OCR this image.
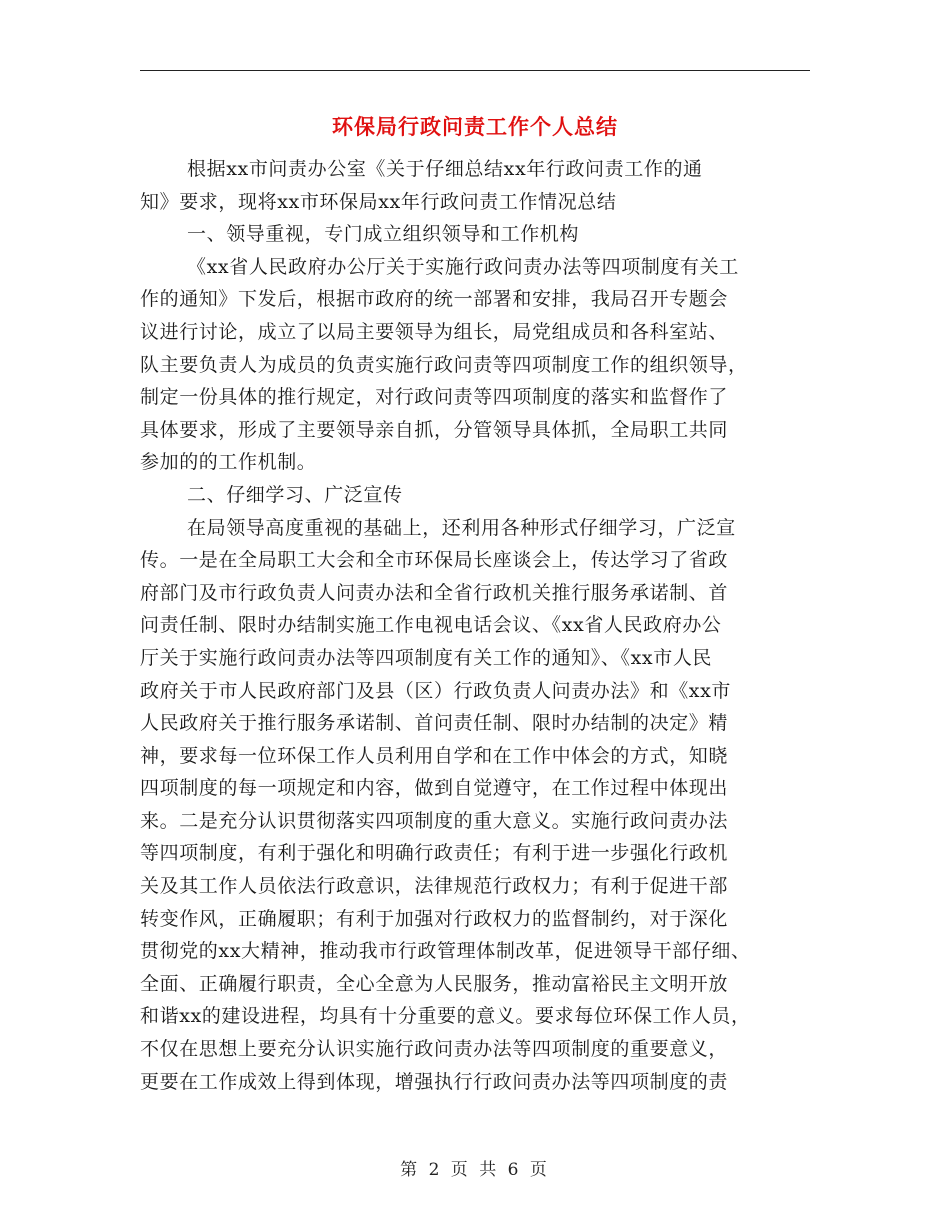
环保局行政问责工作个人总结
根据xx市问责办公室《关于仔细总结xx年行政问责工作的通
知》要求，现将xx市环保局xx年行政问责工作情况总结
一、领导重视，专门成立组织领导和工作机构
《xx省人民政府办公厅关于实施行政问责办法等四项制度有关工
作的通知》下发后，根据市政府的统一部署和安排，我局召开专题会
议进行讨论，成立了以局主要领导为组长，局党组成员和各科室站、
队主要负责人为成员的负责实施行政问责等四项制度工作的组织领导，
制定一份具体的推行规定，对行政问责等四项制度的落实和监督作了
具体要求，形成了主要领导亲自抓，分管领导具体抓，全局职工共同
参加的的工作机制。
二、仔细学习、广泛宣传
在局领导高度重视的基础上，还利用各种形式仔细学习，广泛宣
传。一是在全局职工大会和全市环保局长座谈会上，传达学习了省政
府部门及市行政负责人问责办法和全省行政机关推行服务承诺制、首
问责任制、限时办结制实施工作电视电话会议、《xx省人民政府办公
厅关于实施行政问责办法等四项制度有关工作的通知》、《xx市人民
政府关于市人民政府部门及县（区）行政负责人问责办法》和《xx市
人民政府关于推行服务承诺制、首问责任制、限时办结制的决定》精
神，要求每一位环保工作人员利用自学和在工作中体会的方式，知晓
四项制度的每一项规定和内容，做到自觉遵守，在工作过程中体现出
来。二是充分认识贯彻落实四项制度的重大意义。实施行政问责办法
等四项制度，有利于强化和明确行政责任；有利于进一步强化行政机
关及其工作人员依法行政意识，法律规范行政权力；有利于促进干部
转变作风，正确履职；有利于加强对行政权力的监督制约，对于深化
贯彻党的xx大精神，推动我市行政管理体制改革，促进领导干部仔细、
全面、正确履行职责，全心全意为人民服务，推动富裕民主文明开放
和谐xx的建设进程，均具有十分重要的意义。要求每位环保工作人员，
不仅在思想上要充分认识实施行政问责办法等四项制度的重要意义，
更要在工作成效上得到体现，增强执行行政问责办法等四项制度的责
第 2 页 共 6 页
